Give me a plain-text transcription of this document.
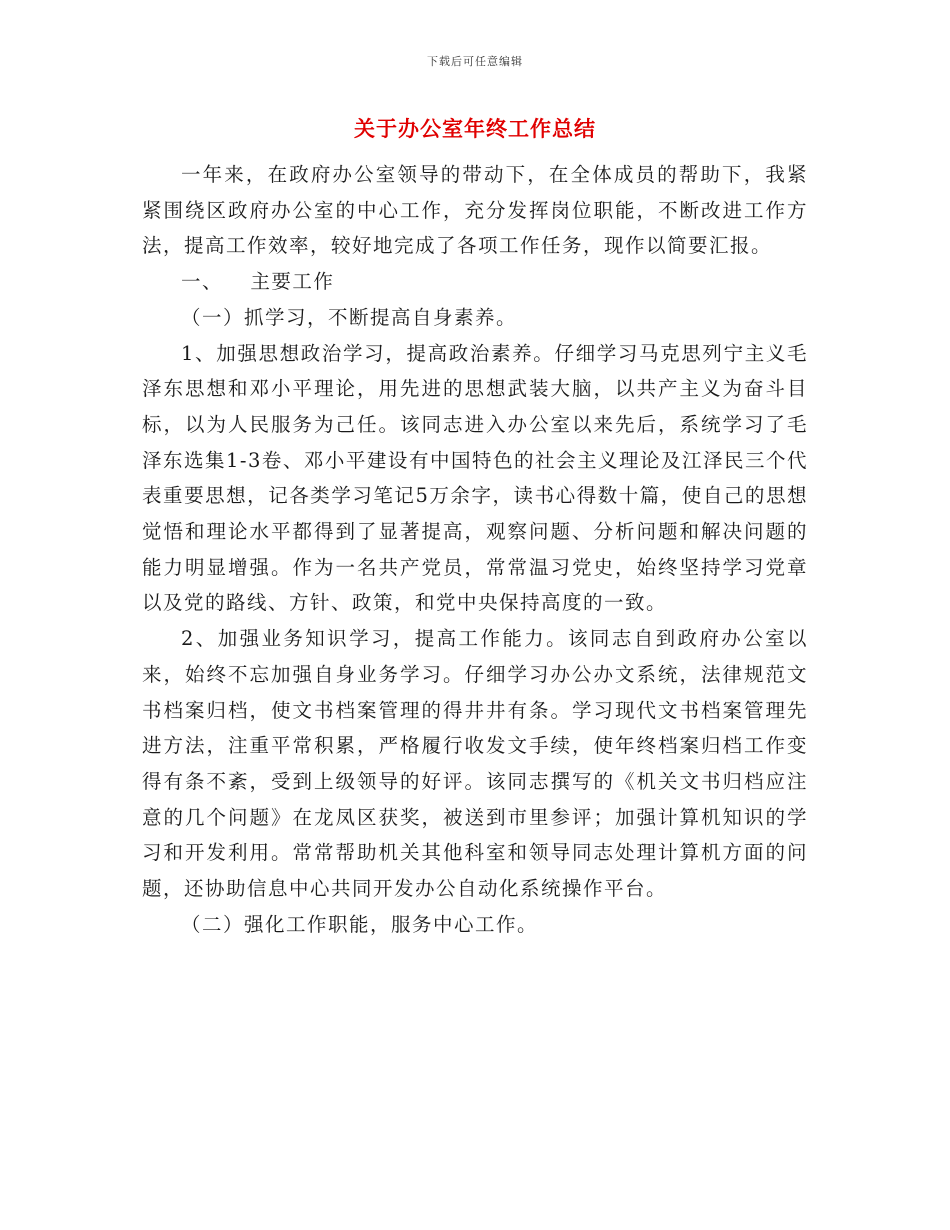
下载后可任意编辑
关于办公室年终工作总结

一年来，在政府办公室领导的带动下，在全体成员的帮助下，我紧紧围绕区政府办公室的中心工作，充分发挥岗位职能，不断改进工作方法，提高工作效率，较好地完成了各项工作任务，现作以简要汇报。

一、 主要工作

（一）抓学习，不断提高自身素养。

1、加强思想政治学习，提高政治素养。仔细学习马克思列宁主义毛泽东思想和邓小平理论，用先进的思想武装大脑，以共产主义为奋斗目标，以为人民服务为己任。该同志进入办公室以来先后，系统学习了毛泽东选集1-3卷、邓小平建设有中国特色的社会主义理论及江泽民三个代表重要思想，记各类学习笔记5万余字，读书心得数十篇，使自己的思想觉悟和理论水平都得到了显著提高，观察问题、分析问题和解决问题的能力明显增强。作为一名共产党员，常常温习党史，始终坚持学习党章以及党的路线、方针、政策，和党中央保持高度的一致。

2、加强业务知识学习，提高工作能力。该同志自到政府办公室以来，始终不忘加强自身业务学习。仔细学习办公办文系统，法律规范文书档案归档，使文书档案管理的得井井有条。学习现代文书档案管理先进方法，注重平常积累，严格履行收发文手续，使年终档案归档工作变得有条不紊，受到上级领导的好评。该同志撰写的《机关文书归档应注意的几个问题》在龙凤区获奖，被送到市里参评；加强计算机知识的学习和开发利用。常常帮助机关其他科室和领导同志处理计算机方面的问题，还协助信息中心共同开发办公自动化系统操作平台。

（二）强化工作职能，服务中心工作。
